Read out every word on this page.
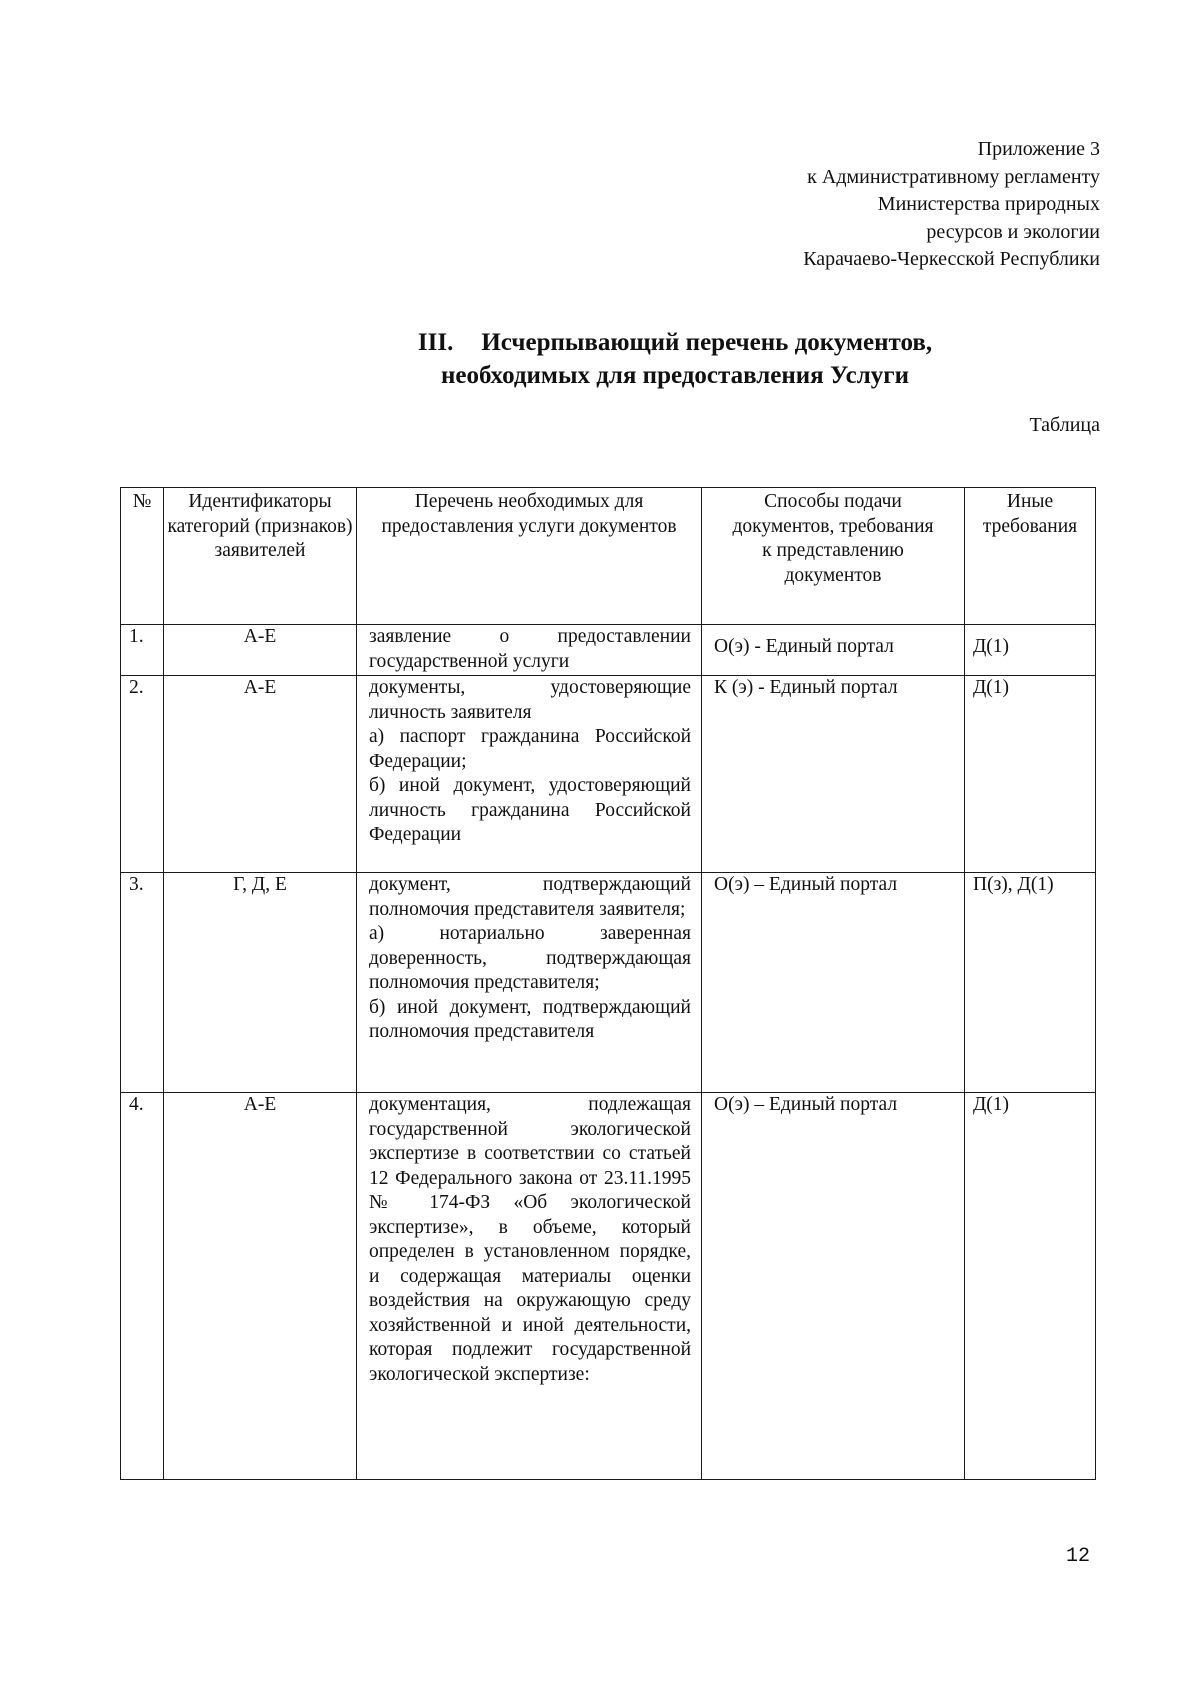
Приложение 3
к Административному регламенту
Министерства природных
ресурсов и экологии
Карачаево-Черкесской Республики
III. Исчерпывающий перечень документов,
необходимых для предоставления Услуги
Таблица
№	Идентификаторы категорий (признаков) заявителей	Перечень необходимых для предоставления услуги документов	Способы подачи документов, требования к представлению документов	Иные требования
1.	А-Е	заявление о предоставлении государственной услуги	О(э) - Единый портал	Д(1)
2.	А-Е	документы, удостоверяющие личность заявителя

а) паспорт гражданина Российской Федерации;

б) иной документ, удостоверяющий личность гражданина Российской Федерации	К (э) - Единый портал	Д(1)
3.	Г, Д, Е	документ, подтверждающий полномочия представителя заявителя;

а) нотариально заверенная доверенность, подтверждающая полномочия представителя;

б) иной документ, подтверждающий полномочия представителя	О(э) – Единый портал	П(з), Д(1)
4.	А-Е	документация, подлежащая государственной экологической экспертизе в соответствии со статьей 12 Федерального закона от 23.11.1995 № 174-ФЗ «Об экологической экспертизе», в объеме, который определен в установленном порядке, и содержащая материалы оценки воздействия на окружающую среду хозяйственной и иной деятельности, которая подлежит государственной экологической экспертизе:	О(э) – Единый портал	Д(1)
12
